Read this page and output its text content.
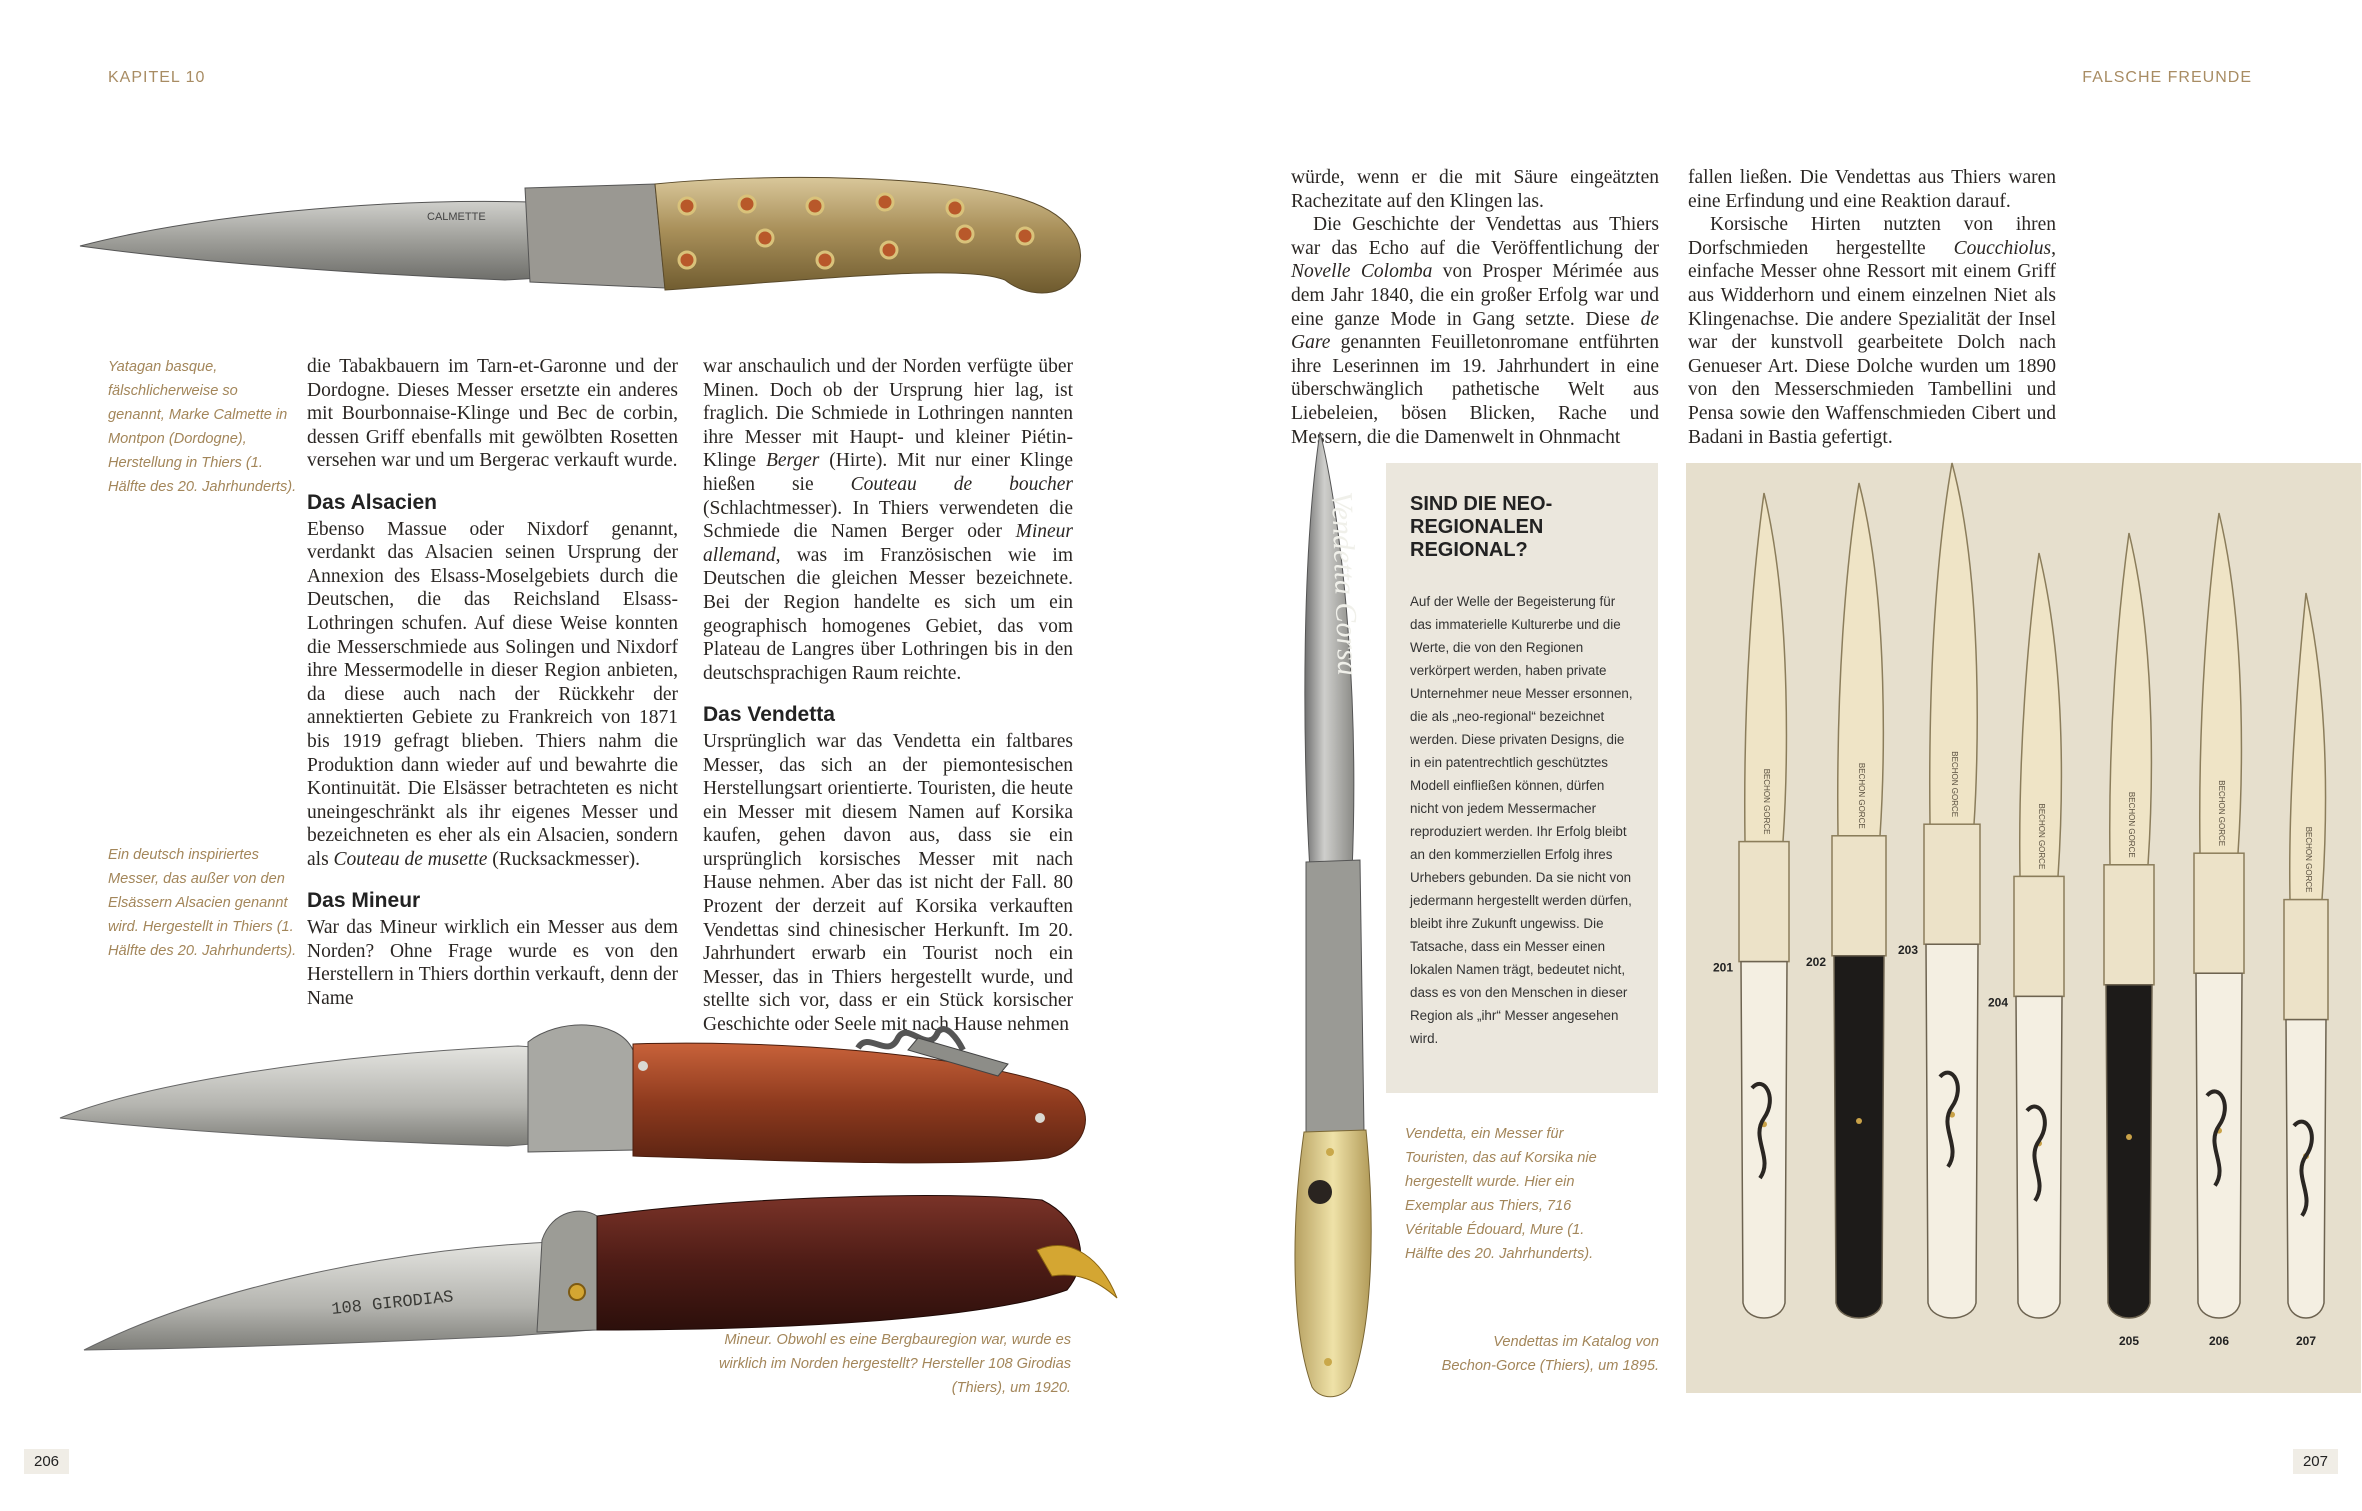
KAPITEL 10	FALSCHE FREUNDE
206	207
CALMETTE
Yatagan basque, fälschlicherweise so genannt, Marke Calmette in Montpon (Dordogne), Herstellung in Thiers (1. Hälfte des 20. Jahrhunderts).

die Tabakbauern im Tarn-et-Garonne und der Dordogne. Dieses Messer ersetzte ein anderes mit Bourbonnaise-Klinge und Bec de corbin, dessen Griff ebenfalls mit gewölbten Rosetten versehen war und um Bergerac verkauft wurde.

Das Alsacien

Ebenso Massue oder Nixdorf genannt, verdankt das Alsacien seinen Ursprung der Annexion des Elsass-Moselgebiets durch die Deutschen, die das Reichsland Elsass-Lothringen schufen. Auf diese Weise konnten die Messerschmiede aus Solingen und Nixdorf ihre Messermodelle in dieser Region anbieten, da diese auch nach der Rückkehr der annektierten Gebiete zu Frankreich von 1871 bis 1919 gefragt blieben. Thiers nahm die Produktion dann wieder auf und bewahrte die Kontinuität. Die Elsässer betrachteten es nicht uneingeschränkt als ihr eigenes Messer und bezeichneten es eher als ein Alsacien, sondern als Couteau de musette (Rucksackmesser).

Das Mineur

War das Mineur wirklich ein Messer aus dem Norden? Ohne Frage wurde es von den Herstellern in Thiers dorthin verkauft, denn der Name

war anschaulich und der Norden verfügte über Minen. Doch ob der Ursprung hier lag, ist fraglich. Die Schmiede in Lothringen nannten ihre Messer mit Haupt- und kleiner Piétin-Klinge Berger (Hirte). Mit nur einer Klinge hießen sie Couteau de boucher (Schlachtmesser). In Thiers verwendeten die Schmiede die Namen Berger oder Mineur allemand, was im Französischen wie im Deutschen die gleichen Messer bezeichnete. Bei der Region handelte es sich um ein geographisch homogenes Gebiet, das vom Plateau de Langres über Lothringen bis in den deutschsprachigen Raum reichte.

Das Vendetta

Ursprünglich war das Vendetta ein faltbares Messer, das sich an der piemontesischen Herstellungsart orientierte. Touristen, die heute ein Messer mit diesem Namen auf Korsika kaufen, gehen davon aus, dass sie ein ursprünglich korsisches Messer mit nach Hause nehmen. Aber das ist nicht der Fall. 80 Prozent der derzeit auf Korsika verkauften Vendettas sind chinesischer Herkunft. Im 20. Jahrhundert erwarb ein Tourist noch ein Messer, das in Thiers hergestellt wurde, und stellte sich vor, dass er ein Stück korsischer Geschichte oder Seele mit nach Hause nehmen

Ein deutsch inspiriertes Messer, das außer von den Elsässern Alsacien genannt wird. Hergestellt in Thiers (1. Hälfte des 20. Jahrhunderts).
108 GIRODIAS
Mineur. Obwohl es eine Bergbauregion war, wurde es wirklich im Norden hergestellt? Hersteller 108 Girodias (Thiers), um 1920.

würde, wenn er die mit Säure eingeätzten Rachezitate auf den Klingen las.

Die Geschichte der Vendettas aus Thiers war das Echo auf die Veröffentlichung der Novelle Colomba von Prosper Mérimée aus dem Jahr 1840, die ein großer Erfolg war und eine ganze Mode in Gang setzte. Diese de Gare genannten Feuilletonromane entführten ihre Leserinnen im 19. Jahrhundert in eine überschwänglich pathetische Welt aus Liebeleien, bösen Blicken, Rache und Messern, die die Damenwelt in Ohnmacht

fallen ließen. Die Vendettas aus Thiers waren eine Erfindung und eine Reaktion darauf.

Korsische Hirten nutzten von ihren Dorfschmieden hergestellte Coucchiolus, einfache Messer ohne Ressort mit einem Griff aus Widderhorn und einem einzelnen Niet als Klingenachse. Die andere Spezialität der Insel war der kunstvoll gearbeitete Dolch nach Genueser Art. Diese Dolche wurden um 1890 von den Messerschmieden Tambellini und Pensa sowie den Waffenschmieden Cibert und Badani in Bastia gefertigt.

Vendetta Corsa SIND DIE NEO-REGIONALEN REGIONAL?
Auf der Welle der Begeisterung für das immaterielle Kulturerbe und die Werte, die von den Regionen verkörpert werden, haben private Unternehmer neue Messer ersonnen, die als „neo-regional“ bezeichnet werden. Diese privaten Designs, die in ein patentrechtlich geschütztes Modell einfließen können, dürfen nicht von jedem Messermacher reproduziert werden. Ihr Erfolg bleibt an den kommerziellen Erfolg ihres Urhebers gebunden. Da sie nicht von jedermann hergestellt werden dürfen, bleibt ihre Zukunft ungewiss. Die Tatsache, dass ein Messer einen lokalen Namen trägt, bedeutet nicht, dass es von den Menschen in dieser Region als „ihr“ Messer angesehen wird.
Vendetta, ein Messer für Touristen, das auf Korsika nie hergestellt wurde. Hier ein Exemplar aus Thiers, 716 Véritable Édouard, Mure (1. Hälfte des 20. Jahrhunderts).
Vendettas im Katalog von Bechon-Gorce (Thiers), um 1895.
BECHON GORCE
201
BECHON GORCE
202
BECHON GORCE
203
BECHON GORCE
204
BECHON GORCE
205
BECHON GORCE
206
BECHON GORCE
207
